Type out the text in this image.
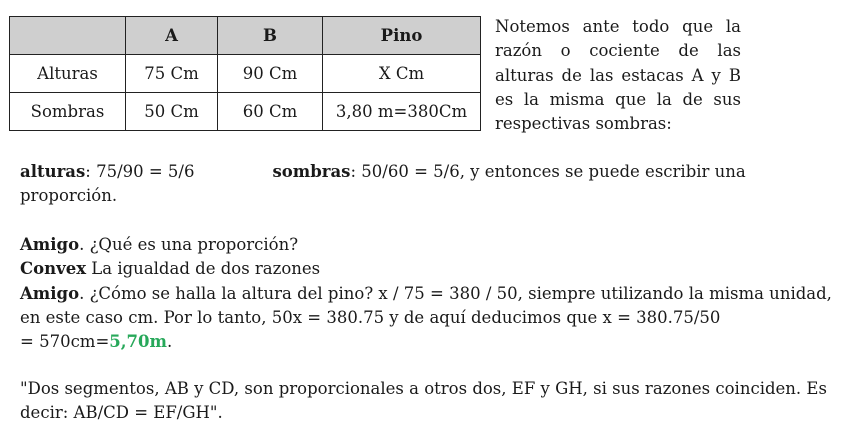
	A	B	Pino
Alturas	75 Cm	90 Cm	X Cm
Sombras	50 Cm	60 Cm	3,80 m=380Cm
Notemos ante todo que la razón o cociente de las alturas de las estacas A y B es la misma que la de sus respectivas sombras:
alturas: 75/90 = 5/6	sombras: 50/60 = 5/6, y entonces se puede escribir una
proporción.
Amigo. ¿Qué es una proporción?
Convex La igualdad de dos razones
Amigo. ¿Cómo se halla la altura del pino? x / 75 = 380 / 50, siempre utilizando la misma unidad,
en este caso cm. Por lo tanto, 50x = 380.75 y de aquí deducimos que x = 380.75/50
= 570cm=5,70m.
"Dos segmentos, AB y CD, son proporcionales a otros dos, EF y GH, si sus razones coinciden. Es
decir: AB/CD = EF/GH".
